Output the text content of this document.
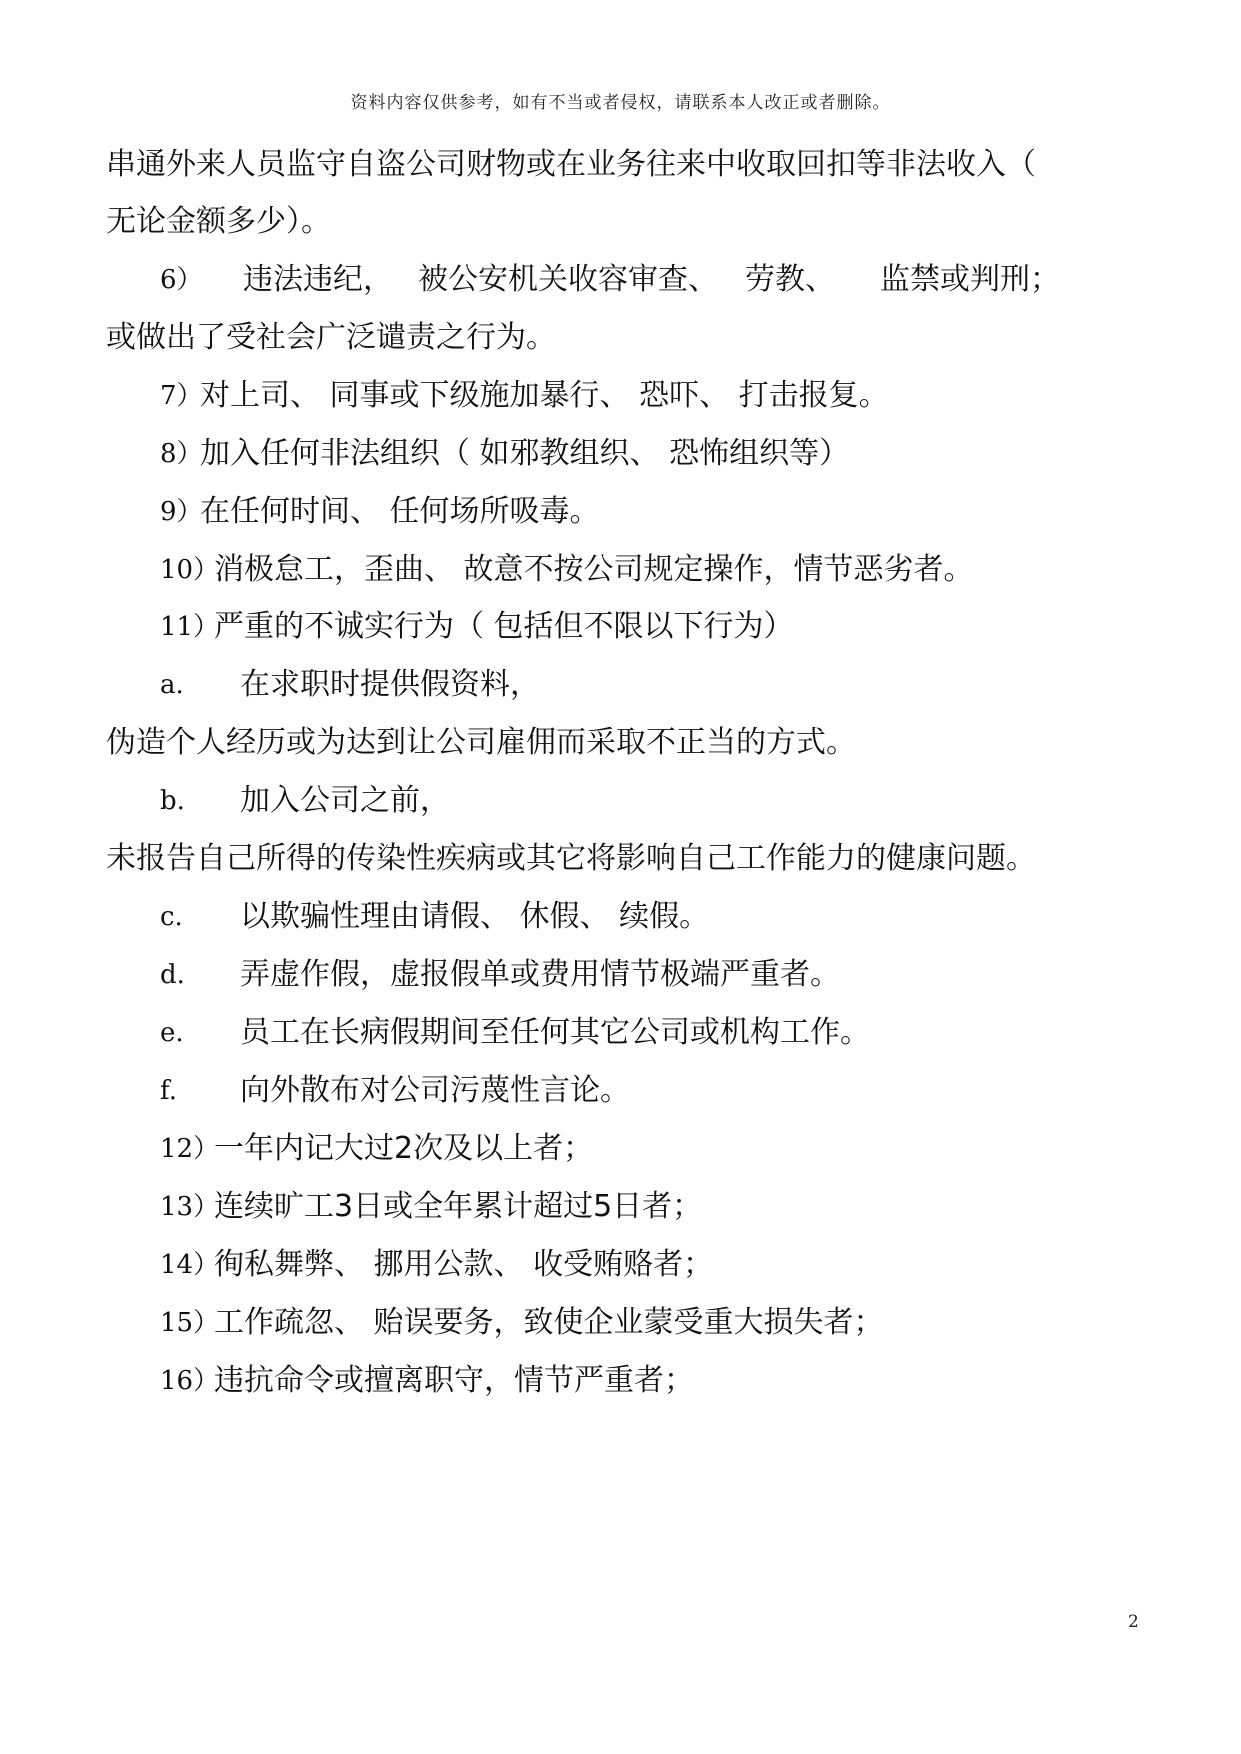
资料内容仅供参考，如有不当或者侵权，请联系本人改正或者删除。
串通外来人员监守自盗公司财物或在业务往来中收取回扣等非法收入（
无论金额多少）。
6） 违法违纪， 被公安机关收容审查、 劳教、 监禁或判刑；
或做出了受社会广泛谴责之行为。
7）
对上司、 同事或下级施加暴行、 恐吓、 打击报复。
8）
加入任何非法组织（ 如邪教组织、 恐怖组织等）
9）
在任何时间、 任何场所吸毒。
10）
消极怠工，歪曲、 故意不按公司规定操作，情节恶劣者。
11）
严重的不诚实行为（ 包括但不限以下行为）
a. 在求职时提供假资料，
伪造个人经历或为达到让公司雇佣而采取不正当的方式。
b. 加入公司之前，
未报告自己所得的传染性疾病或其它将影响自己工作能力的健康问题。
c. 以欺骗性理由请假、 休假、 续假。
d. 弄虚作假，虚报假单或费用情节极端严重者。
e. 员工在长病假期间至任何其它公司或机构工作。
f. 向外散布对公司污蔑性言论。
12）
一年内记大过2次及以上者；
13）
连续旷工3日或全年累计超过5日者；
14）
徇私舞弊、 挪用公款、 收受贿赂者；
15）
工作疏忽、 贻误要务，致使企业蒙受重大损失者；
16）
违抗命令或擅离职守，情节严重者；
2
